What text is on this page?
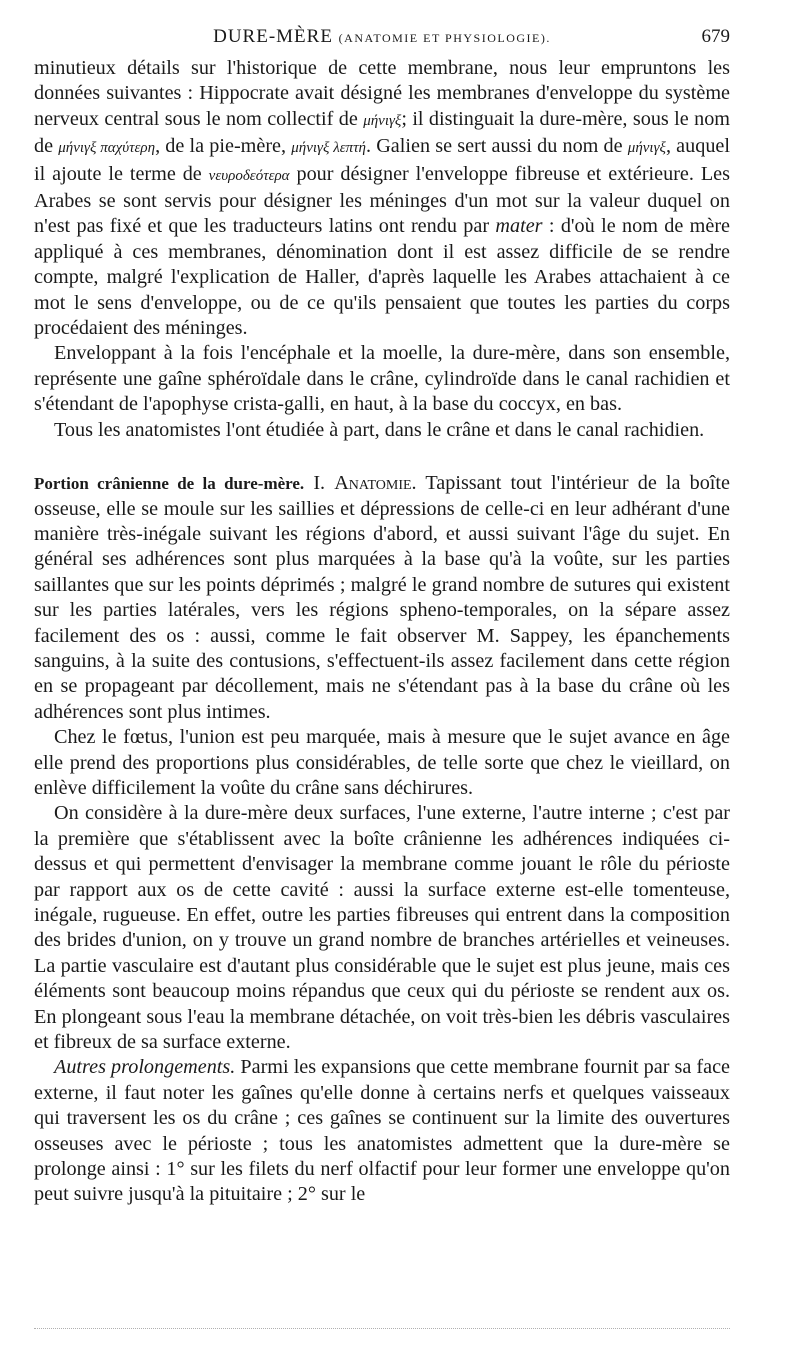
DURE-MÈRE (ANATOMIE ET PHYSIOLOGIE).	679

minutieux détails sur l'historique de cette membrane, nous leur empruntons les données suivantes : Hippocrate avait désigné les membranes d'enveloppe du système nerveux central sous le nom collectif de μήνιγξ; il distinguait la dure-mère, sous le nom de μήνιγξ παχύτερη, de la pie-mère, μήνιγξ λεπτή. Galien se sert aussi du nom de μήνιγξ, auquel il ajoute le terme de νευροδεότερα pour désigner l'enveloppe fibreuse et extérieure. Les Arabes se sont servis pour désigner les méninges d'un mot sur la valeur duquel on n'est pas fixé et que les traducteurs latins ont rendu par mater : d'où le nom de mère appliqué à ces membranes, dénomination dont il est assez difficile de se rendre compte, malgré l'explication de Haller, d'après laquelle les Arabes attachaient à ce mot le sens d'enveloppe, ou de ce qu'ils pensaient que toutes les parties du corps procédaient des méninges.

Enveloppant à la fois l'encéphale et la moelle, la dure-mère, dans son ensemble, représente une gaîne sphéroïdale dans le crâne, cylindroïde dans le canal rachidien et s'étendant de l'apophyse crista-galli, en haut, à la base du coccyx, en bas.

Tous les anatomistes l'ont étudiée à part, dans le crâne et dans le canal rachidien.

Portion crânienne de la dure-mère. I. Anatomie. Tapissant tout l'intérieur de la boîte osseuse, elle se moule sur les saillies et dépressions de celle-ci en leur adhérant d'une manière très-inégale suivant les régions d'abord, et aussi suivant l'âge du sujet. En général ses adhérences sont plus marquées à la base qu'à la voûte, sur les parties saillantes que sur les points déprimés ; malgré le grand nombre de sutures qui existent sur les parties latérales, vers les régions spheno-temporales, on la sépare assez facilement des os : aussi, comme le fait observer M. Sappey, les épanchements sanguins, à la suite des contusions, s'effectuent-ils assez facilement dans cette région en se propageant par décollement, mais ne s'étendant pas à la base du crâne où les adhérences sont plus intimes.

Chez le fœtus, l'union est peu marquée, mais à mesure que le sujet avance en âge elle prend des proportions plus considérables, de telle sorte que chez le vieillard, on enlève difficilement la voûte du crâne sans déchirures.

On considère à la dure-mère deux surfaces, l'une externe, l'autre interne ; c'est par la première que s'établissent avec la boîte crânienne les adhérences indiquées ci-dessus et qui permettent d'envisager la membrane comme jouant le rôle du périoste par rapport aux os de cette cavité : aussi la surface externe est-elle tomenteuse, inégale, rugueuse. En effet, outre les parties fibreuses qui entrent dans la composition des brides d'union, on y trouve un grand nombre de branches artérielles et veineuses. La partie vasculaire est d'autant plus considérable que le sujet est plus jeune, mais ces éléments sont beaucoup moins répandus que ceux qui du périoste se rendent aux os. En plongeant sous l'eau la membrane détachée, on voit très-bien les débris vasculaires et fibreux de sa surface externe.

Autres prolongements. Parmi les expansions que cette membrane fournit par sa face externe, il faut noter les gaînes qu'elle donne à certains nerfs et quelques vaisseaux qui traversent les os du crâne ; ces gaînes se continuent sur la limite des ouvertures osseuses avec le périoste ; tous les anatomistes admettent que la dure-mère se prolonge ainsi : 1° sur les filets du nerf olfactif pour leur former une enveloppe qu'on peut suivre jusqu'à la pituitaire ; 2° sur le
